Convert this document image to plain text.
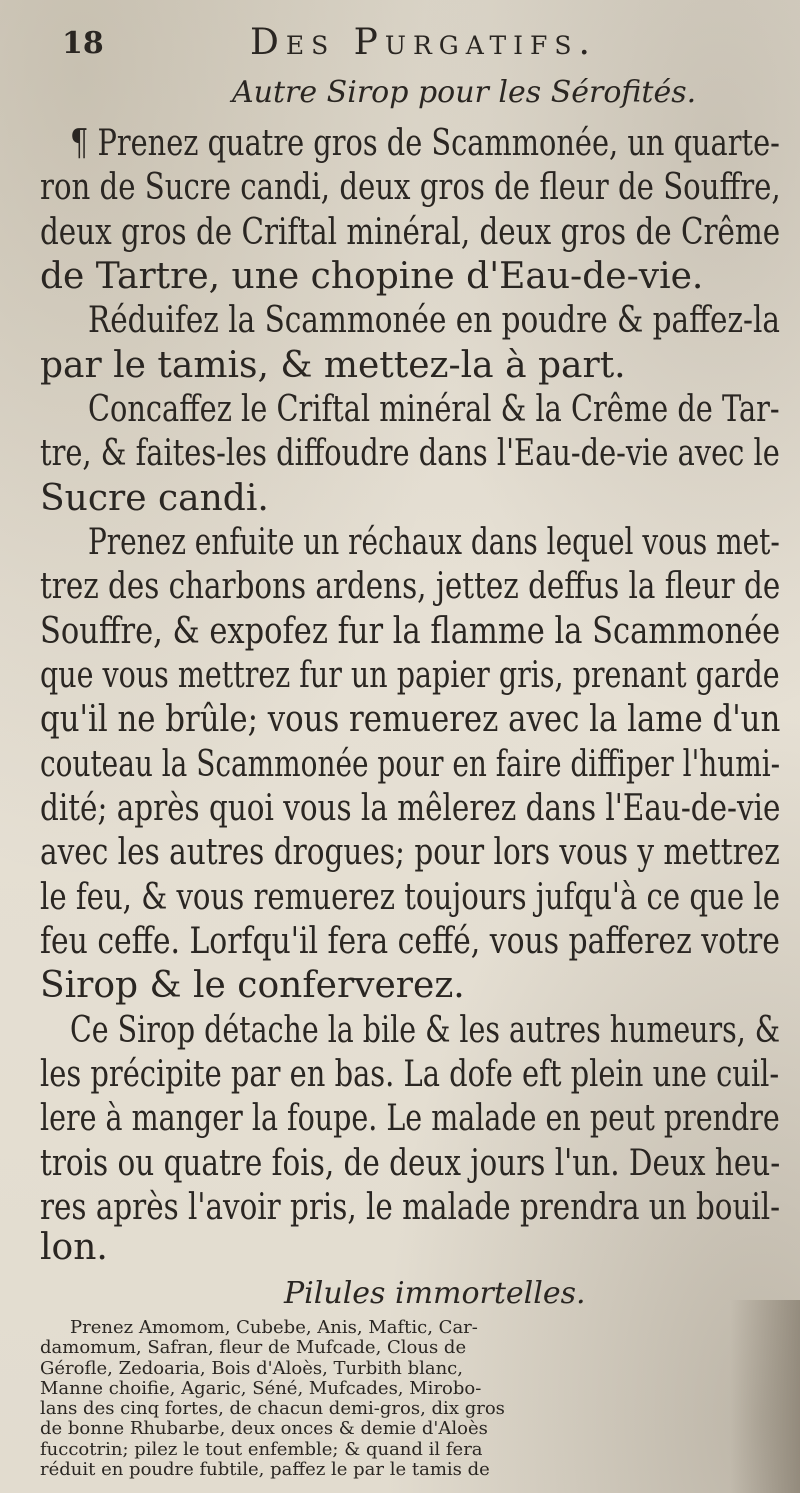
18	Des Purgatifs.
Autre Sirop pour les Sérofités.
¶ Prenez quatre gros de Scammonée, un quarte-
ron de Sucre candi, deux gros de fleur de Souffre,
deux gros de Criftal minéral, deux gros de Crême
de Tartre, une chopine d'Eau-de-vie.
Réduifez la Scammonée en poudre & paffez-la
par le tamis, & mettez-la à part.
Concaffez le Criftal minéral & la Crême de Tar-
tre, & faites-les diffoudre dans l'Eau-de-vie avec le
Sucre candi.
Prenez enfuite un réchaux dans lequel vous met-
trez des charbons ardens, jettez deffus la fleur de
Souffre, & expofez fur la flamme la Scammonée
que vous mettrez fur un papier gris, prenant garde
qu'il ne brûle; vous remuerez avec la lame d'un
couteau la Scammonée pour en faire diffiper l'humi-
dité; après quoi vous la mêlerez dans l'Eau-de-vie
avec les autres drogues; pour lors vous y mettrez
le feu, & vous remuerez toujours jufqu'à ce que le
feu ceffe. Lorfqu'il fera ceffé, vous pafferez votre
Sirop & le conferverez.
Ce Sirop détache la bile & les autres humeurs, &
les précipite par en bas. La dofe eft plein une cuil-
lere à manger la foupe. Le malade en peut prendre
trois ou quatre fois, de deux jours l'un. Deux heu-
res après l'avoir pris, le malade prendra un bouil-
lon.
Pilules immortelles.
Prenez Amomom, Cubebe, Anis, Maftic, Car-
damomum, Safran, fleur de Mufcade, Clous de
Gérofle, Zedoaria, Bois d'Aloès, Turbith blanc,
Manne choifie, Agaric, Séné, Mufcades, Mirobo-
lans des cinq fortes, de chacun demi-gros, dix gros
de bonne Rhubarbe, deux onces & demie d'Aloès
fuccotrin; pilez le tout enfemble; & quand il fera
réduit en poudre fubtile, paffez le par le tamis de
